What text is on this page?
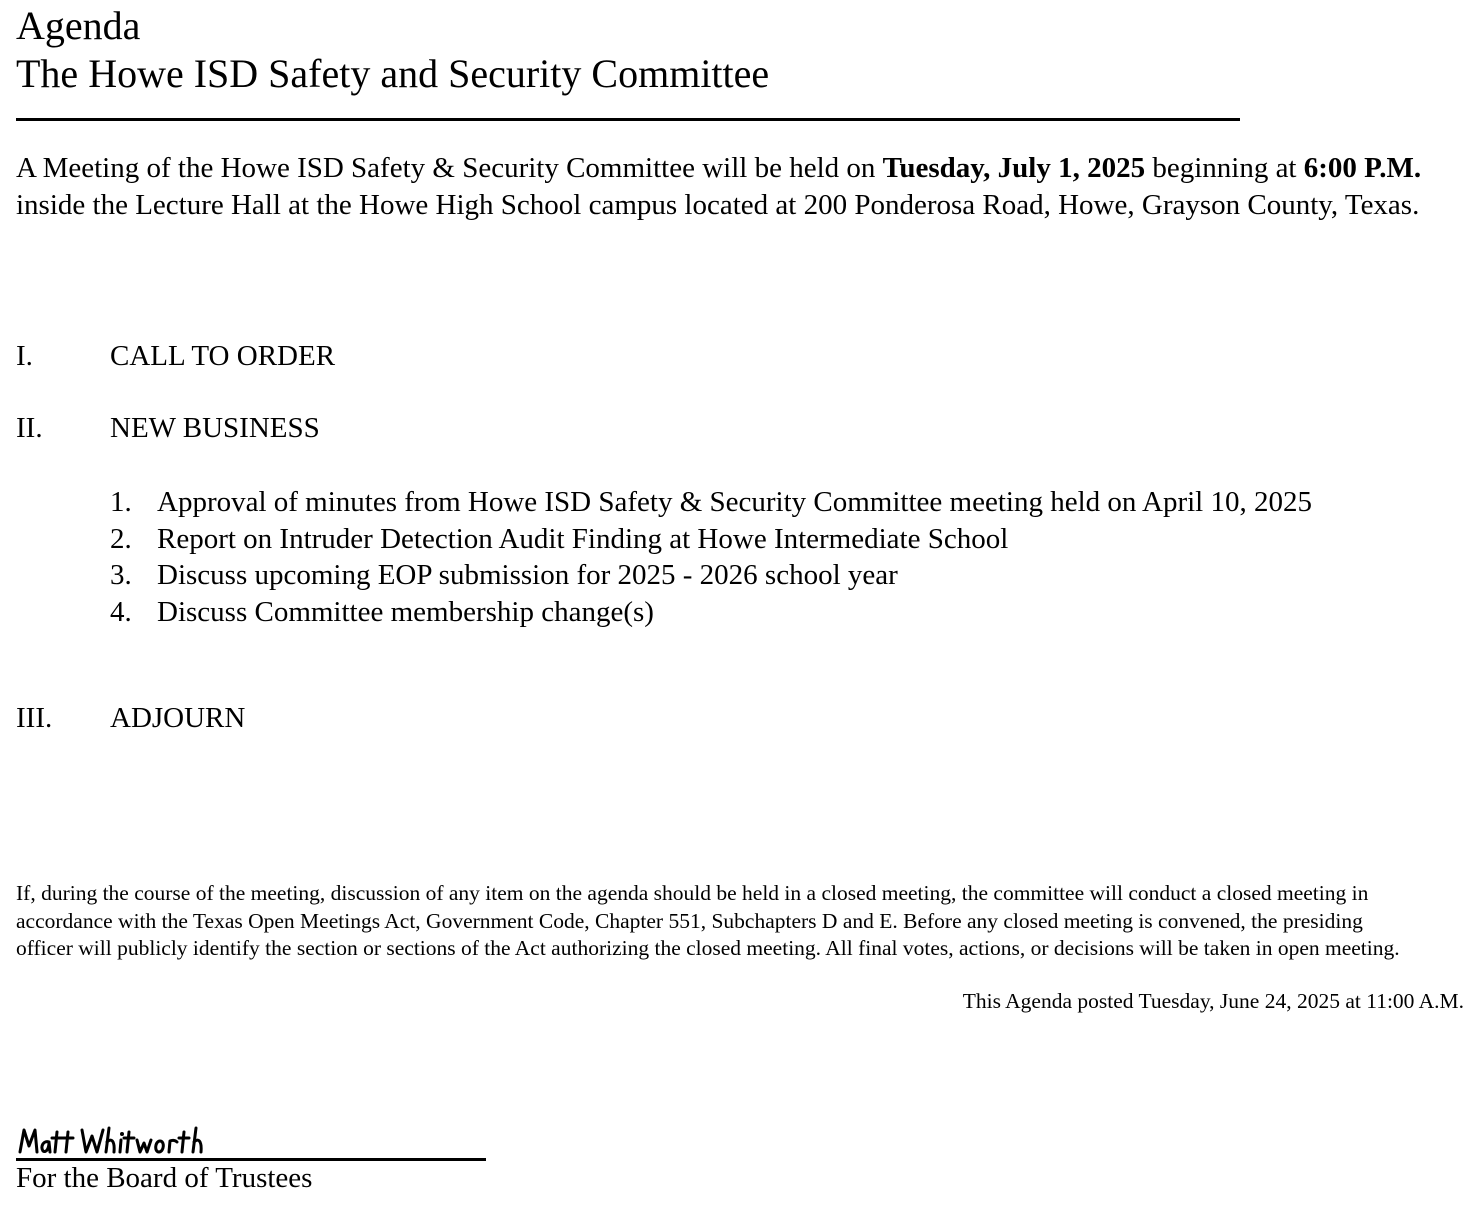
Agenda
The Howe ISD Safety and Security Committee

A Meeting of the Howe ISD Safety & Security Committee will be held on Tuesday, July 1, 2025 beginning at 6:00 P.M. inside the Lecture Hall at the Howe High School campus located at 200 Ponderosa Road, Howe, Grayson County, Texas.

I.	CALL TO ORDER
II. NEW BUSINESS
1. Approval of minutes from Howe ISD Safety & Security Committee meeting held on April 10, 2025
2. Report on Intruder Detection Audit Finding at Howe Intermediate School
3. Discuss upcoming EOP submission for 2025 - 2026 school year
4. Discuss Committee membership change(s)
III. ADJOURN

If, during the course of the meeting, discussion of any item on the agenda should be held in a closed meeting, the committee will conduct a closed meeting in accordance with the Texas Open Meetings Act, Government Code, Chapter 551, Subchapters D and E. Before any closed meeting is convened, the presiding officer will publicly identify the section or sections of the Act authorizing the closed meeting. All final votes, actions, or decisions will be taken in open meeting.

This Agenda posted Tuesday, June 24, 2025 at 11:00 A.M.
For the Board of Trustees
